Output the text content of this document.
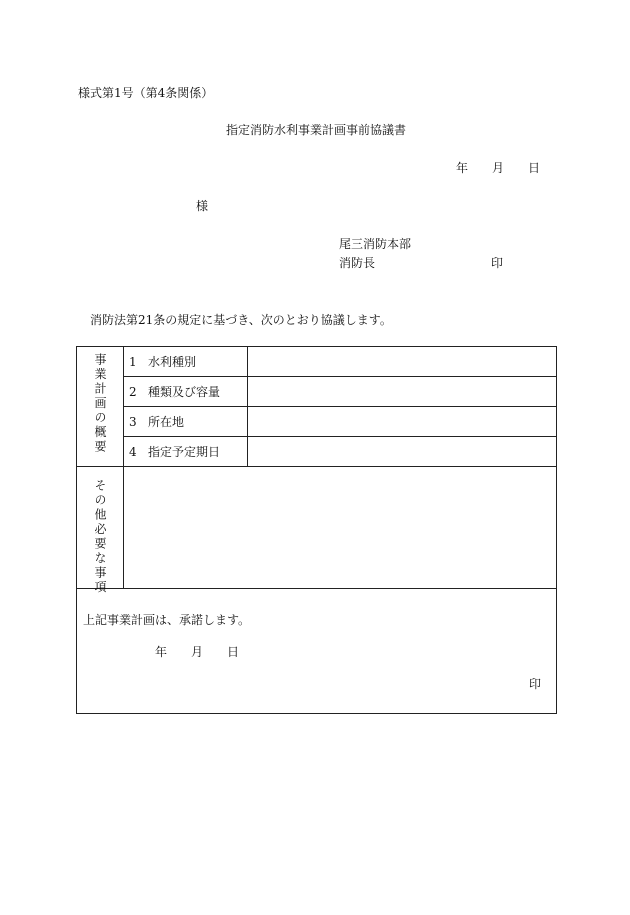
様式第1号（第4条関係）
指定消防水利事業計画事前協議書
年 月 日
様
尾三消防本部
消防長	印
消防法第21条の規定に基づき、次のとおり協議します。
事業計画の概要 1 水利種別
2 種類及び容量
3 所在地
4 指定予定期日
その他必要な事項
上記事業計画は、承諾します。
年 月 日
印
